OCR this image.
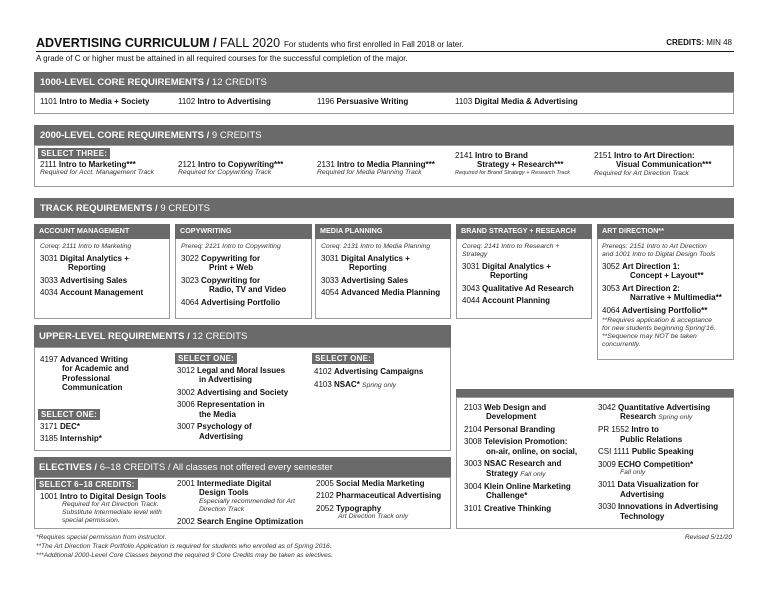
ADVERTISING CURRICULUM / FALL 2020 For students who first enrolled in Fall 2018 or later.	CREDITS: MIN 48
A grade of C or higher must be attained in all required courses for the successful completion of the major.
1000-LEVEL CORE REQUIREMENTS / 12 CREDITS
1101 Intro to Media + Society	1102 Intro to Advertising	1196 Persuasive Writing	1103 Digital Media & Advertising
2000-LEVEL CORE REQUIREMENTS / 9 CREDITS
SELECT THREE:
2111 Intro to Marketing***
Required for Acct. Management Track
2121 Intro to Copywriting***
Required for Copywriting Track
2131 Intro to Media Planning***
Required for Media Planning Track
2141 Intro to Brand
Strategy + Research***
Required for Brand Strategy + Research Track
2151 Intro to Art Direction:
Visual Communication***
Required for Art Direction Track
TRACK REQUIREMENTS / 9 CREDITS
ACCOUNT MANAGEMENT
Coreq: 2111 Intro to Marketing
3031 Digital Analytics +
Reporting
3033 Advertising Sales
4034 Account Management
COPYWRITING
Prereq: 2121 Intro to Copywriting
3022 Copywriting for
Print + Web
3023 Copywriting for
Radio, TV and Video
4064 Advertising Portfolio
MEDIA PLANNING
Coreq: 2131 Intro to Media Planning
3031 Digital Analytics +
Reporting
3033 Advertising Sales
4054 Advanced Media Planning
BRAND STRATEGY + RESEARCH
Coreq: 2141 Intro to Research +
Strategy
3031 Digital Analytics +
Reporting
3043 Qualitative Ad Research
4044 Account Planning
ART DIRECTION**
Prereqs: 2151 Intro to Art Direction
and 1001 Intro to Digital Design Tools
3052 Art Direction 1:
Concept + Layout**
3053 Art Direction 2:
Narrative + Multimedia**
4064 Advertising Portfolio**
**Requires application & acceptance
for new students beginning Spring'16.
**Sequence may NOT be taken
concurrently.
UPPER-LEVEL REQUIREMENTS / 12 CREDITS
4197 Advanced Writing
for Academic and
Professional
Communication
SELECT ONE:
3171 DEC*
3185 Internship*
SELECT ONE:
3012 Legal and Moral Issues
in Advertising
3002 Advertising and Society
3006 Representation in
the Media
3007 Psychology of
Advertising
SELECT ONE:
4102 Advertising Campaigns
4103 NSAC* Spring only
ELECTIVES / 6–18 CREDITS / All classes not offered every semester
SELECT 6–18 CREDITS:
1001 Intro to Digital Design Tools
Required for Art Direction Track.
Substitute Intermediate level with
special permission.
2001 Intermediate Digital
Design Tools
Especially recommended for Art
Direction Track
2002 Search Engine Optimization
2005 Social Media Marketing
2102 Pharmaceutical Advertising
2052 Typography
Art Direction Track only
2103 Web Design and
Development
2104 Personal Branding
3008 Television Promotion:
on-air, online, on social,
3003 NSAC Research and
Strategy Fall only
3004 Klein Online Marketing
Challenge*
3101 Creative Thinking
3042 Quantitative Advertising
Research Spring only
PR 1552 Intro to
Public Relations
CSI 1111 Public Speaking
3009 ECHO Competition*
Fall only
3011 Data Visualization for
Advertising
3030 Innovations in Advertising
Technology
*Requires special permission from instructor.
**The Art Direction Track Portfolio Application is required for students who enrolled as of Spring 2016.
***Additional 2000-Level Core Classes beyond the required 9 Core Credits may be taken as electives.
Revised 5/11/20
